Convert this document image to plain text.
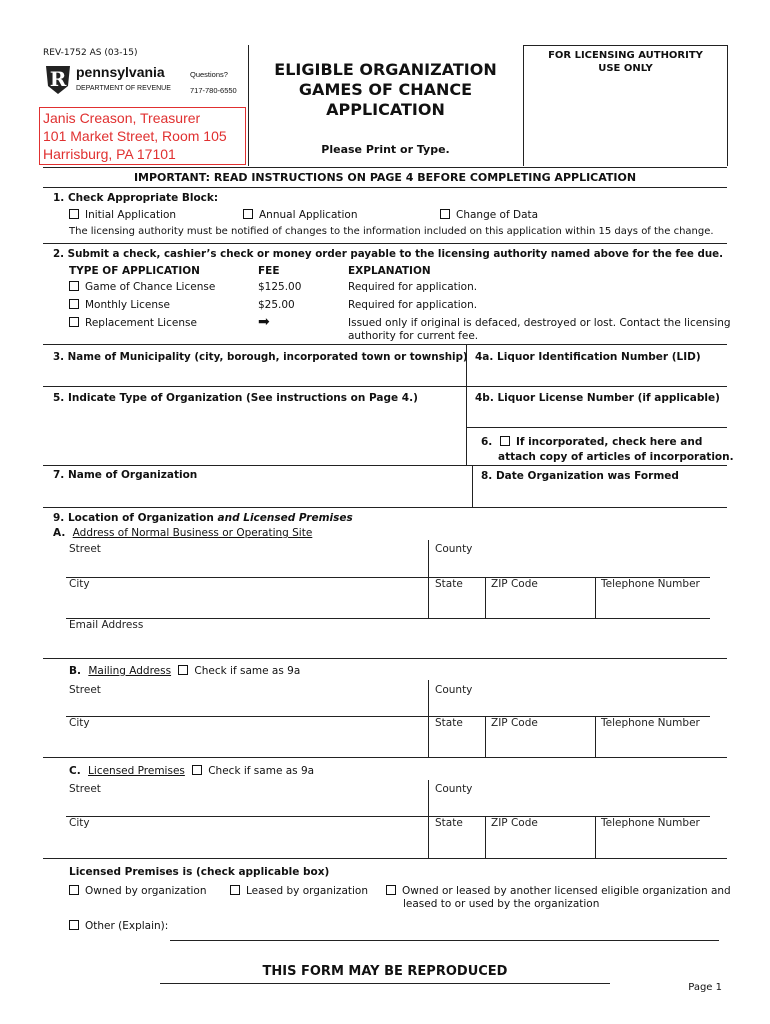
REV-1752 AS (03-15)
R pennsylvania
DEPARTMENT OF REVENUE
Questions?
717-780-6550
Janis Creason, Treasurer
101 Market Street, Room 105
Harrisburg, PA 17101
ELIGIBLE ORGANIZATION
GAMES OF CHANCE
APPLICATION
Please Print or Type.
FOR LICENSING AUTHORITY
USE ONLY
IMPORTANT: READ INSTRUCTIONS ON PAGE 4 BEFORE COMPLETING APPLICATION
1. Check Appropriate Block:
Initial Application	Annual Application	Change of Data
The licensing authority must be notified of changes to the information included on this application within 15 days of the change.
2. Submit a check, cashier’s check or money order payable to the licensing authority named above for the fee due.
TYPE OF APPLICATION	FEE	EXPLANATION
Game of Chance License	$125.00	Required for application.
Monthly License	$25.00	Required for application.
Replacement License	➡	Issued only if original is defaced, destroyed or lost. Contact the licensing
authority for current fee.
3. Name of Municipality (city, borough, incorporated town or township) 4a. Liquor Identification Number (LID)
5. Indicate Type of Organization (See instructions on Page 4.)	4b. Liquor License Number (if applicable)
6. If incorporated, check here and
attach copy of articles of incorporation.
7. Name of Organization	8. Date Organization was Formed
9. Location of Organization and Licensed Premises
A. Address of Normal Business or Operating Site
Street	County
City	State	ZIP Code	Telephone Number
Email Address
B. Mailing Address Check if same as 9a
Street	County
City	State	ZIP Code	Telephone Number
C. Licensed Premises Check if same as 9a
Street	County
City	State	ZIP Code	Telephone Number
Licensed Premises is (check applicable box)
Owned by organization	Leased by organization	Owned or leased by another licensed eligible organization and
leased to or used by the organization
Other (Explain):
THIS FORM MAY BE REPRODUCED
Page 1
